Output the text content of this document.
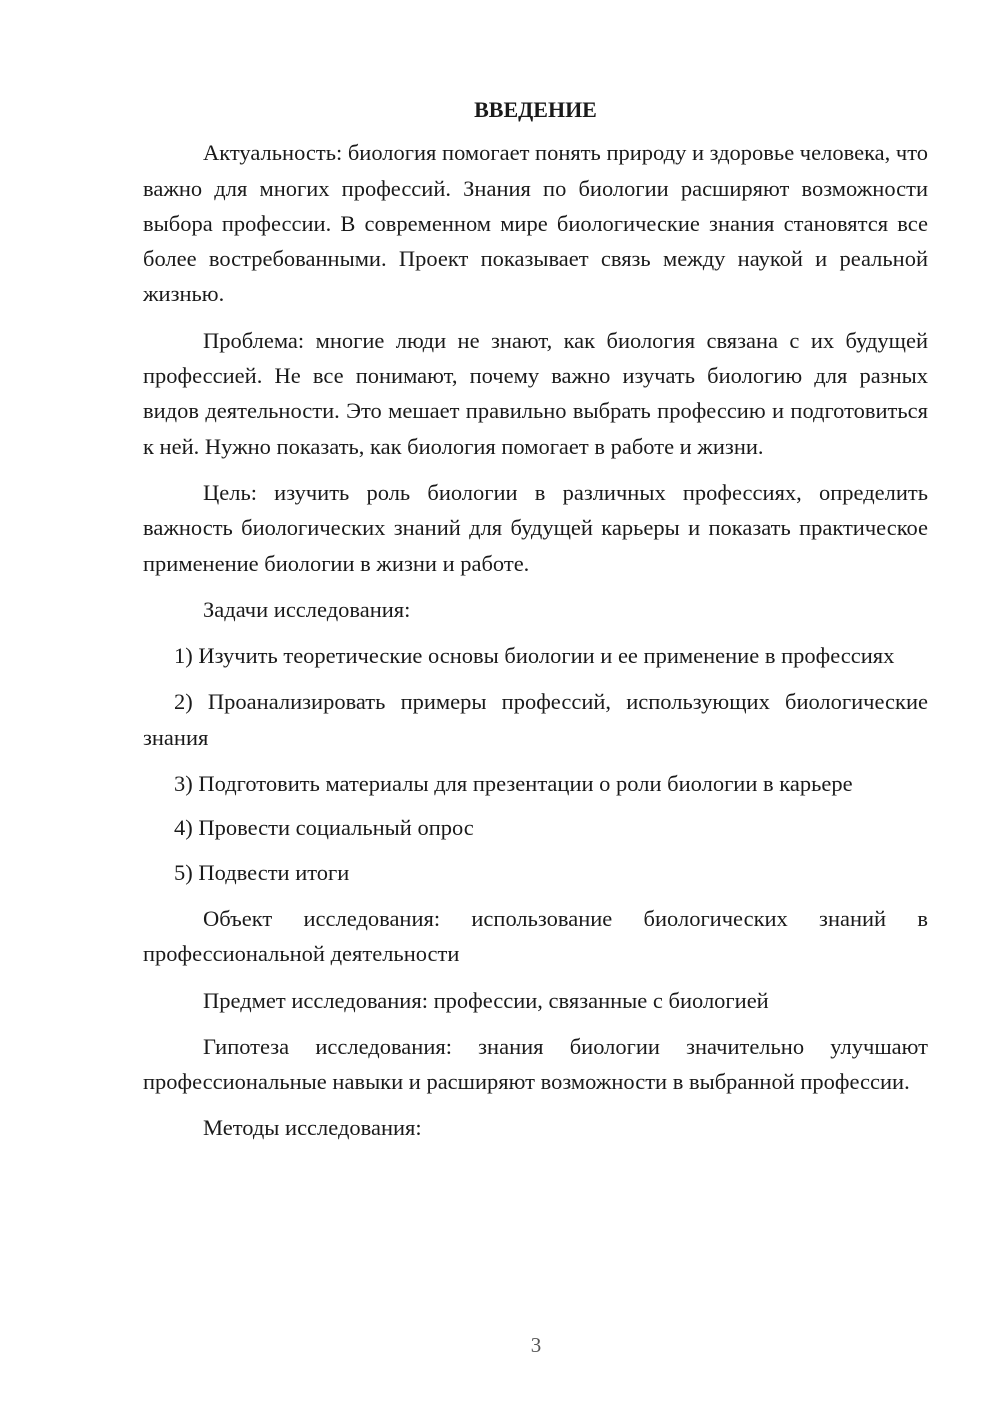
ВВЕДЕНИЕ

Актуальность: биология помогает понять природу и здоровье человека, что важно для многих профессий. Знания по биологии расширяют возможности выбора профессии. В современном мире биологические знания становятся все более востребованными. Проект показывает связь между наукой и реальной жизнью.

Проблема: многие люди не знают, как биология связана с их будущей профессией. Не все понимают, почему важно изучать биологию для разных видов деятельности. Это мешает правильно выбрать профессию и подготовиться к ней. Нужно показать, как биология помогает в работе и жизни.

Цель: изучить роль биологии в различных профессиях, определить важность биологических знаний для будущей карьеры и показать практическое применение биологии в жизни и работе.

Задачи исследования:

1) Изучить теоретические основы биологии и ее применение в профессиях

2) Проанализировать примеры профессий, использующих биологические знания

3) Подготовить материалы для презентации о роли биологии в карьере

4) Провести социальный опрос

5) Подвести итоги

Объект исследования: использование биологических знаний в профессиональной деятельности

Предмет исследования: профессии, связанные с биологией

Гипотеза исследования: знания биологии значительно улучшают профессиональные навыки и расширяют возможности в выбранной профессии.

Методы исследования:

3
